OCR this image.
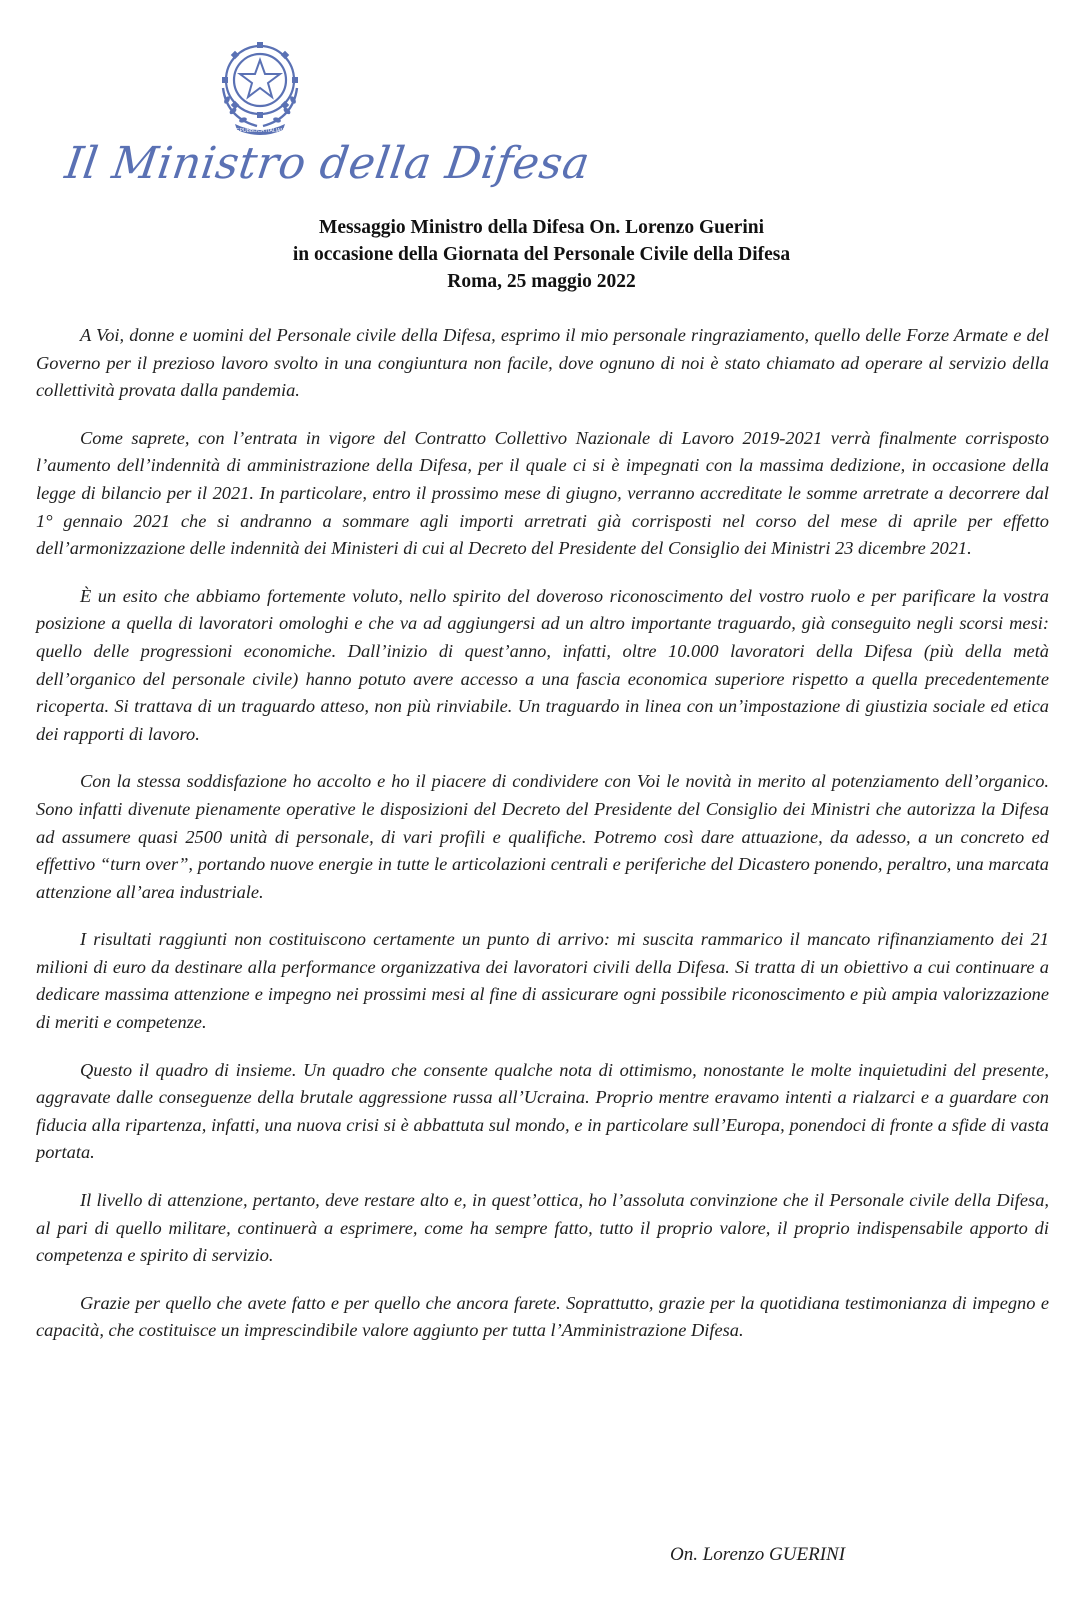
REPUBBLICA ITALIANA
Il Ministro della Difesa
Messaggio Ministro della Difesa On. Lorenzo Guerini
in occasione della Giornata del Personale Civile della Difesa
Roma, 25 maggio 2022

A Voi, donne e uomini del Personale civile della Difesa, esprimo il mio personale ringraziamento, quello delle Forze Armate e del Governo per il prezioso lavoro svolto in una congiuntura non facile, dove ognuno di noi è stato chiamato ad operare al servizio della collettività provata dalla pandemia.

Come saprete, con l’entrata in vigore del Contratto Collettivo Nazionale di Lavoro 2019-2021 verrà finalmente corrisposto l’aumento dell’indennità di amministrazione della Difesa, per il quale ci si è impegnati con la massima dedizione, in occasione della legge di bilancio per il 2021. In particolare, entro il prossimo mese di giugno, verranno accreditate le somme arretrate a decorrere dal 1° gennaio 2021 che si andranno a sommare agli importi arretrati già corrisposti nel corso del mese di aprile per effetto dell’armonizzazione delle indennità dei Ministeri di cui al Decreto del Presidente del Consiglio dei Ministri 23 dicembre 2021.

È un esito che abbiamo fortemente voluto, nello spirito del doveroso riconoscimento del vostro ruolo e per parificare la vostra posizione a quella di lavoratori omologhi e che va ad aggiungersi ad un altro importante traguardo, già conseguito negli scorsi mesi: quello delle progressioni economiche. Dall’inizio di quest’anno, infatti, oltre 10.000 lavoratori della Difesa (più della metà dell’organico del personale civile) hanno potuto avere accesso a una fascia economica superiore rispetto a quella precedentemente ricoperta. Si trattava di un traguardo atteso, non più rinviabile. Un traguardo in linea con un’impostazione di giustizia sociale ed etica dei rapporti di lavoro.

Con la stessa soddisfazione ho accolto e ho il piacere di condividere con Voi le novità in merito al potenziamento dell’organico. Sono infatti divenute pienamente operative le disposizioni del Decreto del Presidente del Consiglio dei Ministri che autorizza la Difesa ad assumere quasi 2500 unità di personale, di vari profili e qualifiche. Potremo così dare attuazione, da adesso, a un concreto ed effettivo “turn over”, portando nuove energie in tutte le articolazioni centrali e periferiche del Dicastero ponendo, peraltro, una marcata attenzione all’area industriale.

I risultati raggiunti non costituiscono certamente un punto di arrivo: mi suscita rammarico il mancato rifinanziamento dei 21 milioni di euro da destinare alla performance organizzativa dei lavoratori civili della Difesa. Si tratta di un obiettivo a cui continuare a dedicare massima attenzione e impegno nei prossimi mesi al fine di assicurare ogni possibile riconoscimento e più ampia valorizzazione di meriti e competenze.

Questo il quadro di insieme. Un quadro che consente qualche nota di ottimismo, nonostante le molte inquietudini del presente, aggravate dalle conseguenze della brutale aggressione russa all’Ucraina. Proprio mentre eravamo intenti a rialzarci e a guardare con fiducia alla ripartenza, infatti, una nuova crisi si è abbattuta sul mondo, e in particolare sull’Europa, ponendoci di fronte a sfide di vasta portata.

Il livello di attenzione, pertanto, deve restare alto e, in quest’ottica, ho l’assoluta convinzione che il Personale civile della Difesa, al pari di quello militare, continuerà a esprimere, come ha sempre fatto, tutto il proprio valore, il proprio indispensabile apporto di competenza e spirito di servizio.

Grazie per quello che avete fatto e per quello che ancora farete. Soprattutto, grazie per la quotidiana testimonianza di impegno e capacità, che costituisce un imprescindibile valore aggiunto per tutta l’Amministrazione Difesa.

On. Lorenzo GUERINI
